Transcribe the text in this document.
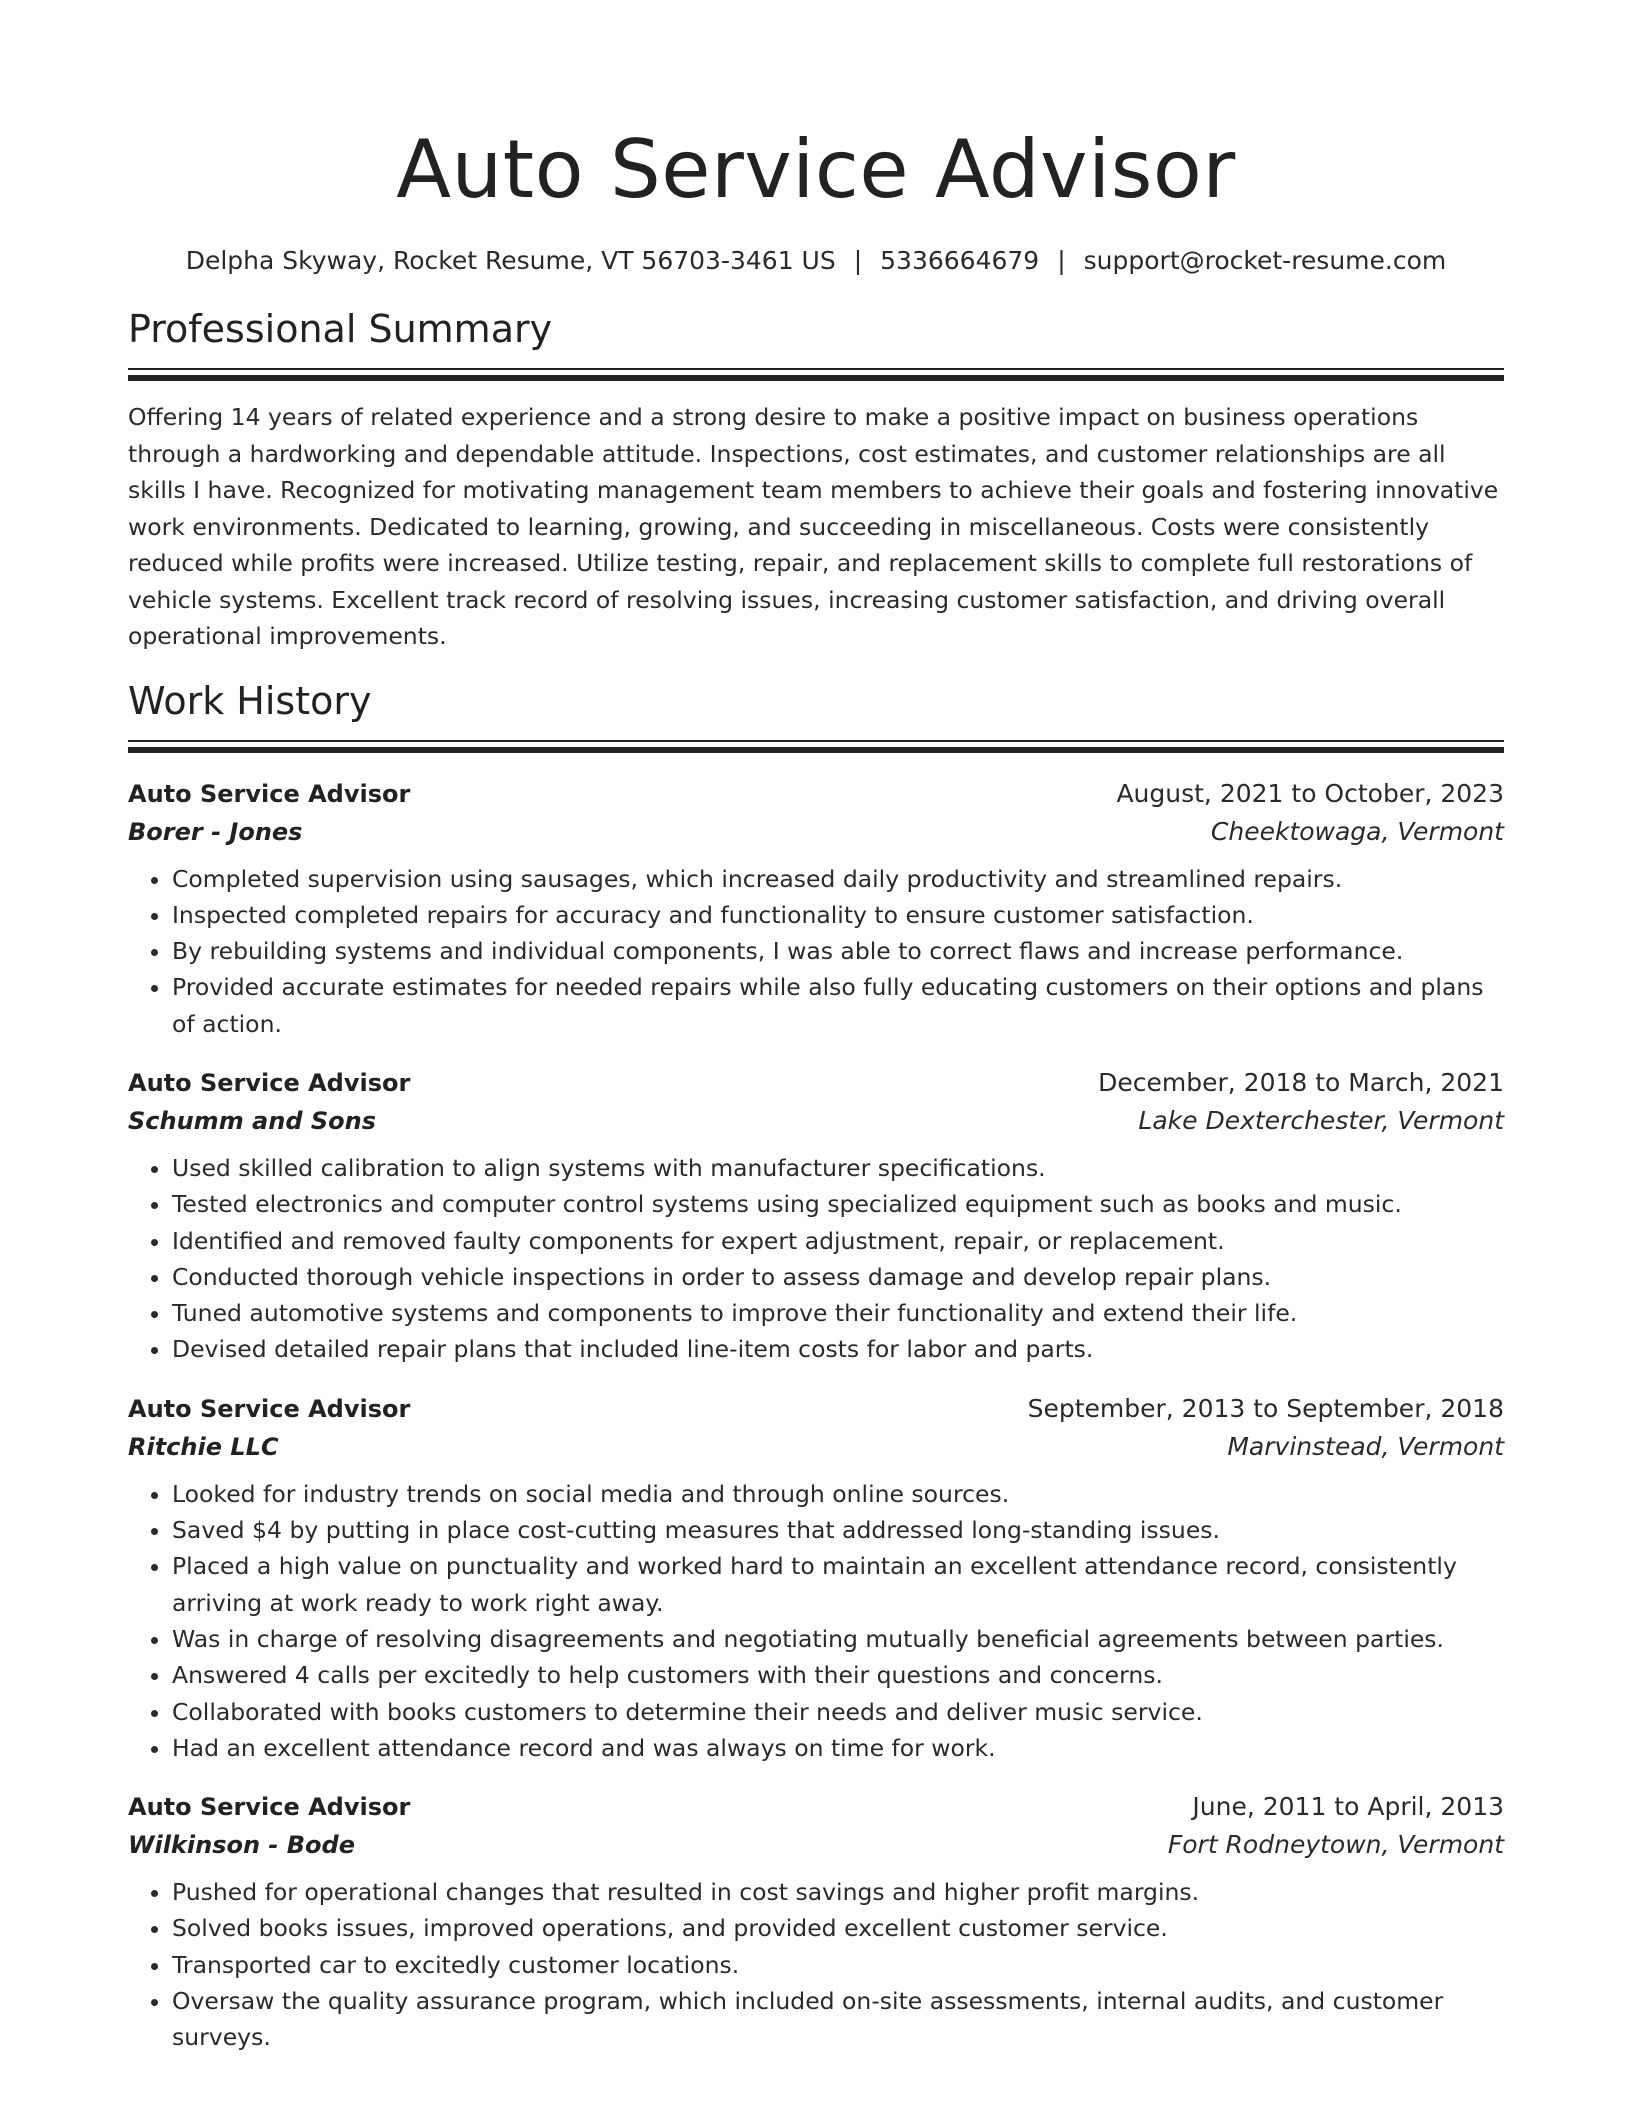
Auto Service Advisor
Delpha Skyway, Rocket Resume, VT 56703-3461 US | 5336664679 | support@rocket-resume.com
Professional Summary

Offering 14 years of related experience and a strong desire to make a positive impact on business operations through a hardworking and dependable attitude. Inspections, cost estimates, and customer relationships are all skills I have. Recognized for motivating management team members to achieve their goals and fostering innovative work environments. Dedicated to learning, growing, and succeeding in miscellaneous. Costs were consistently reduced while profits were increased. Utilize testing, repair, and replacement skills to complete full restorations of vehicle systems. Excellent track record of resolving issues, increasing customer satisfaction, and driving overall operational improvements.

Work History
Auto Service Advisor	August, 2021 to October, 2023
Borer - Jones	Cheektowaga, Vermont
• Completed supervision using sausages, which increased daily productivity and streamlined repairs.
• Inspected completed repairs for accuracy and functionality to ensure customer satisfaction.
• By rebuilding systems and individual components, I was able to correct flaws and increase performance.
• Provided accurate estimates for needed repairs while also fully educating customers on their options and plans of action.
Auto Service Advisor	December, 2018 to March, 2021
Schumm and Sons	Lake Dexterchester, Vermont
• Used skilled calibration to align systems with manufacturer specifications.
• Tested electronics and computer control systems using specialized equipment such as books and music.
• Identified and removed faulty components for expert adjustment, repair, or replacement.
• Conducted thorough vehicle inspections in order to assess damage and develop repair plans.
• Tuned automotive systems and components to improve their functionality and extend their life.
• Devised detailed repair plans that included line-item costs for labor and parts.
Auto Service Advisor	September, 2013 to September, 2018
Ritchie LLC	Marvinstead, Vermont
• Looked for industry trends on social media and through online sources.
• Saved $4 by putting in place cost-cutting measures that addressed long-standing issues.
• Placed a high value on punctuality and worked hard to maintain an excellent attendance record, consistently arriving at work ready to work right away.
• Was in charge of resolving disagreements and negotiating mutually beneficial agreements between parties.
• Answered 4 calls per excitedly to help customers with their questions and concerns.
• Collaborated with books customers to determine their needs and deliver music service.
• Had an excellent attendance record and was always on time for work.
Auto Service Advisor	June, 2011 to April, 2013
Wilkinson - Bode	Fort Rodneytown, Vermont
• Pushed for operational changes that resulted in cost savings and higher profit margins.
• Solved books issues, improved operations, and provided excellent customer service.
• Transported car to excitedly customer locations.
• Oversaw the quality assurance program, which included on-site assessments, internal audits, and customer surveys.
